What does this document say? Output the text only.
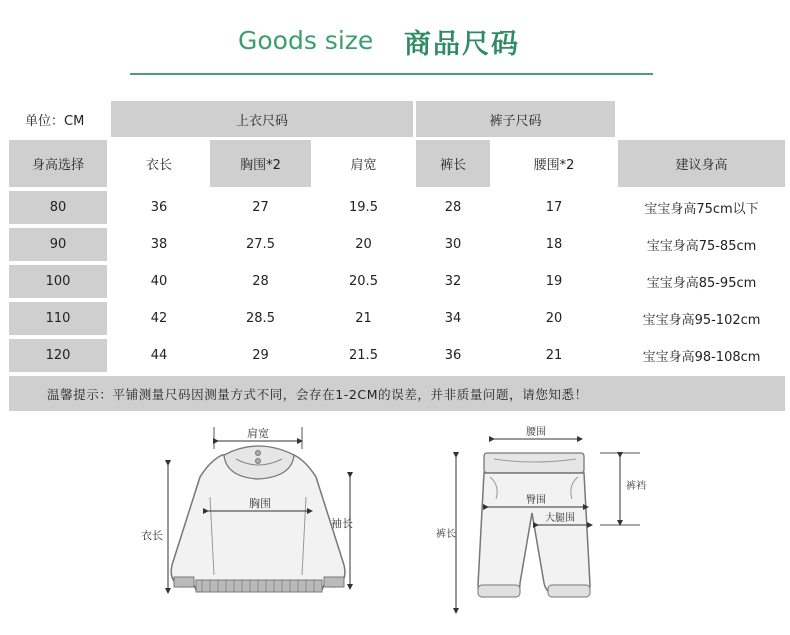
Goods size 商品尺码
单位：CM	上衣尺码	裤子尺码
身高选择	衣长	胸围*2	肩宽	裤长	腰围*2	建议身高
80	36	27	19.5	28	17	宝宝身高75cm以下
90	38	27.5	20	30	18	宝宝身高75-85cm
100	40	28	20.5	32	19	宝宝身高85-95cm
110	42	28.5	21	34	20	宝宝身高95-102cm
120	44	29	21.5	36	21	宝宝身高98-108cm
温馨提示：平铺测量尺码因测量方式不同，会存在1-2CM的误差，并非质量问题，请您知悉！
肩宽
胸围
衣长
袖长
腰围
臀围
大腿围
裤裆
裤长
